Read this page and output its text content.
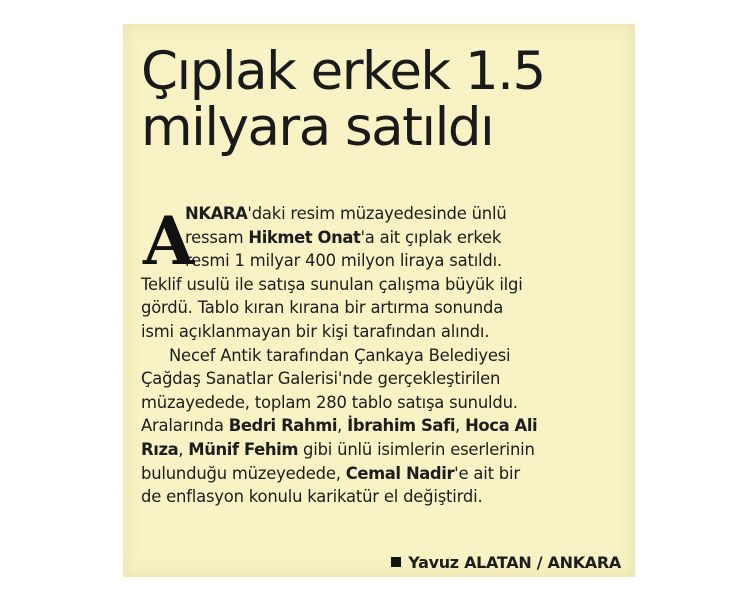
Çıplak erkek 1.5
milyara satıldı
A
NKARA'daki resim müzayedesinde ünlü
ressam Hikmet Onat'a ait çıplak erkek
resmi 1 milyar 400 milyon liraya satıldı.
Teklif usulü ile satışa sunulan çalışma büyük ilgi
gördü. Tablo kıran kırana bir artırma sonunda
ismi açıklanmayan bir kişi tarafından alındı.
Necef Antik tarafından Çankaya Belediyesi
Çağdaş Sanatlar Galerisi'nde gerçekleştirilen
müzayedede, toplam 280 tablo satışa sunuldu.
Aralarında Bedri Rahmi, İbrahim Safi, Hoca Ali
Rıza, Münif Fehim gibi ünlü isimlerin eserlerinin
bulunduğu müzeyedede, Cemal Nadir'e ait bir
de enflasyon konulu karikatür el değiştirdi.
Yavuz ALATAN / ANKARA
